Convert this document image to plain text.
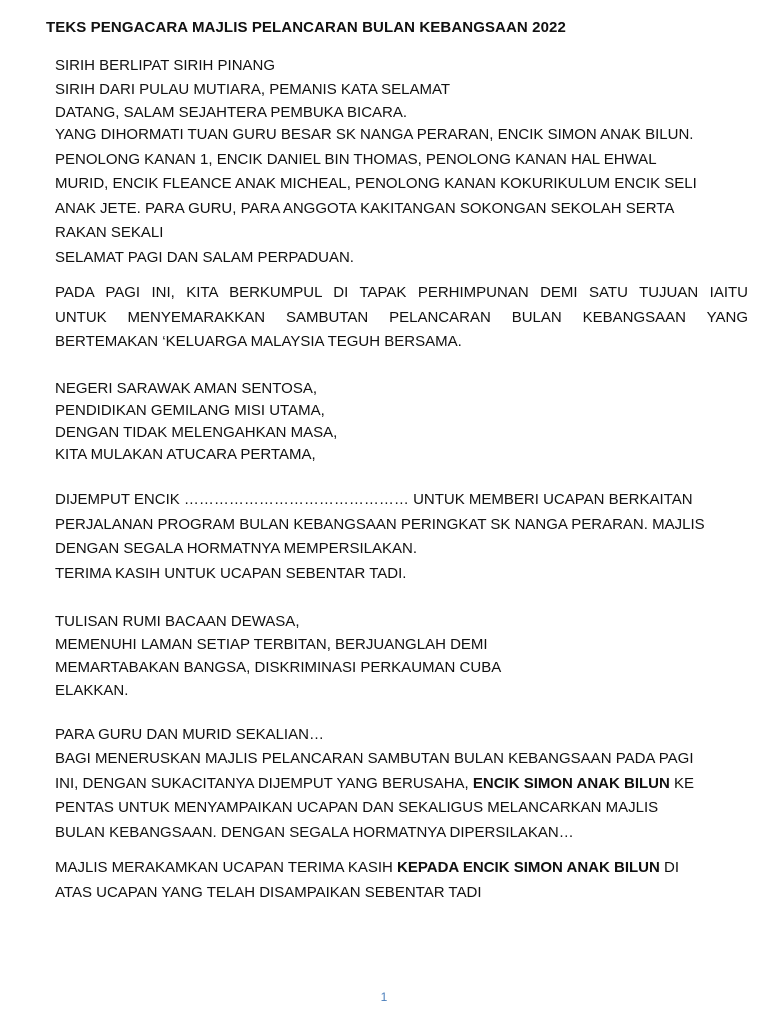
TEKS PENGACARA MAJLIS PELANCARAN BULAN KEBANGSAAN 2022
SIRIH BERLIPAT SIRIH PINANG
SIRIH DARI PULAU MUTIARA, PEMANIS KATA SELAMAT
DATANG, SALAM SEJAHTERA PEMBUKA BICARA.
YANG DIHORMATI TUAN GURU BESAR SK NANGA PERARAN, ENCIK SIMON ANAK BILUN.
PENOLONG KANAN 1, ENCIK DANIEL BIN THOMAS, PENOLONG KANAN HAL EHWAL
MURID, ENCIK FLEANCE ANAK MICHEAL, PENOLONG KANAN KOKURIKULUM ENCIK SELI
ANAK JETE. PARA GURU, PARA ANGGOTA KAKITANGAN SOKONGAN SEKOLAH SERTA
RAKAN SEKALI
SELAMAT PAGI DAN SALAM PERPADUAN.
PADA PAGI INI, KITA BERKUMPUL DI TAPAK PERHIMPUNAN DEMI SATU TUJUAN IAITU
UNTUK MENYEMARAKKAN SAMBUTAN PELANCARAN BULAN KEBANGSAAN YANG
BERTEMAKAN ‘KELUARGA MALAYSIA TEGUH BERSAMA.
NEGERI SARAWAK AMAN SENTOSA,
PENDIDIKAN GEMILANG MISI UTAMA,
DENGAN TIDAK MELENGAHKAN MASA,
KITA MULAKAN ATUCARA PERTAMA,
DIJEMPUT ENCIK ……………………………………… UNTUK MEMBERI UCAPAN BERKAITAN
PERJALANAN PROGRAM BULAN KEBANGSAAN PERINGKAT SK NANGA PERARAN. MAJLIS
DENGAN SEGALA HORMATNYA MEMPERSILAKAN.
TERIMA KASIH UNTUK UCAPAN SEBENTAR TADI.
TULISAN RUMI BACAAN DEWASA,
MEMENUHI LAMAN SETIAP TERBITAN, BERJUANGLAH DEMI
MEMARTABAKAN BANGSA, DISKRIMINASI PERKAUMAN CUBA
ELAKKAN.
PARA GURU DAN MURID SEKALIAN…
BAGI MENERUSKAN MAJLIS PELANCARAN SAMBUTAN BULAN KEBANGSAAN PADA PAGI
INI, DENGAN SUKACITANYA DIJEMPUT YANG BERUSAHA, ENCIK SIMON ANAK BILUN KE
PENTAS UNTUK MENYAMPAIKAN UCAPAN DAN SEKALIGUS MELANCARKAN MAJLIS
BULAN KEBANGSAAN. DENGAN SEGALA HORMATNYA DIPERSILAKAN…
MAJLIS MERAKAMKAN UCAPAN TERIMA KASIH KEPADA ENCIK SIMON ANAK BILUN DI
ATAS UCAPAN YANG TELAH DISAMPAIKAN SEBENTAR TADI
1
